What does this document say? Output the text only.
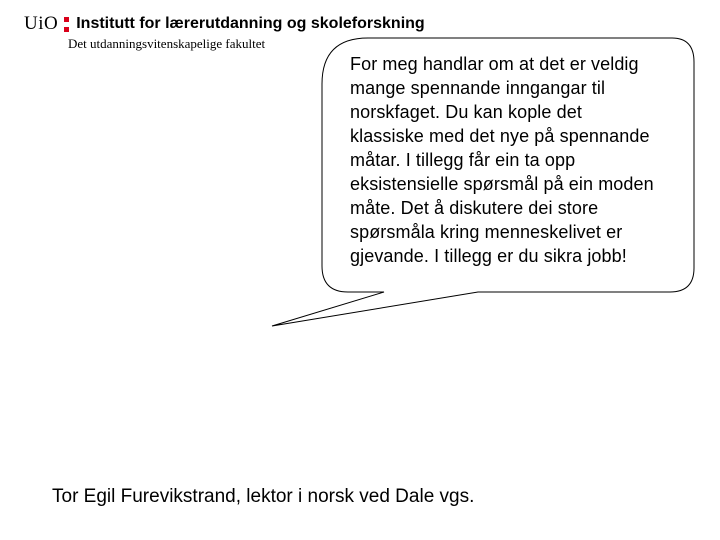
UiO Institutt for lærerutdanning og skoleforskning
Det utdanningsvitenskapelige fakultet
For meg handlar om at det er veldig
mange spennande inngangar til
norskfaget. Du kan kople det
klassiske med det nye på spennande
måtar. I tillegg får ein ta opp
eksistensielle spørsmål på ein moden
måte. Det å diskutere dei store
spørsmåla kring menneskelivet er
gjevande. I tillegg er du sikra jobb!
Tor Egil Furevikstrand, lektor i norsk ved Dale vgs.
